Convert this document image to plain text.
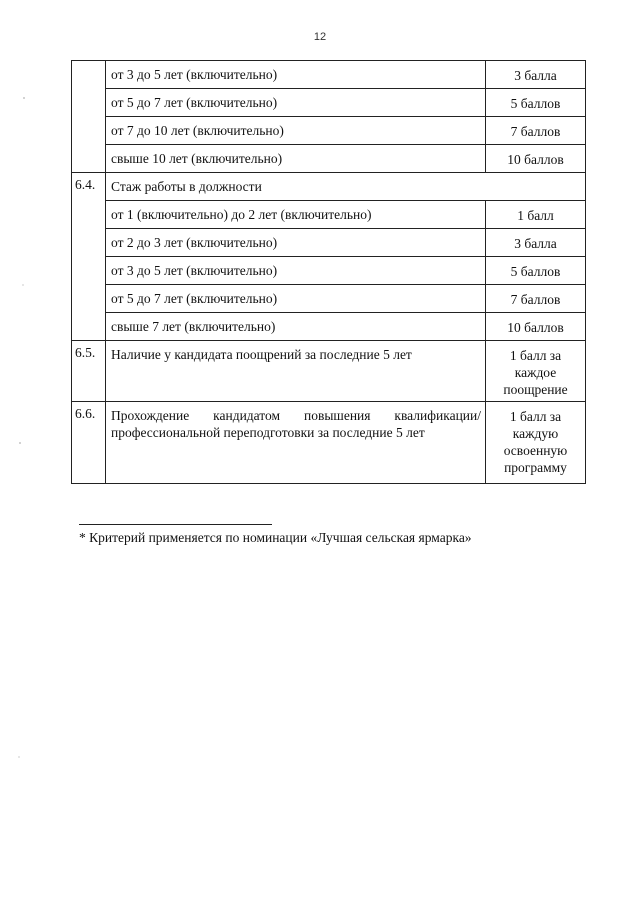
12
	от 3 до 5 лет (включительно)	3 балла
	от 5 до 7 лет (включительно)	5 баллов
	от 7 до 10 лет (включительно)	7 баллов
	свыше 10 лет (включительно)	10 баллов
6.4.	Стаж работы в должности	
	от 1 (включительно) до 2 лет (включительно)	1 балл
	от 2 до 3 лет (включительно)	3 балла
	от 3 до 5 лет (включительно)	5 баллов
	от 5 до 7 лет (включительно)	7 баллов
	свыше 7 лет (включительно)	10 баллов
6.5.	Наличие у кандидата поощрений за последние 5 лет	1 балл за каждое поощрение
6.6.	Прохождение кандидатом повышения квалификации/профессиональной переподготовки за последние 5 лет	1 балл за каждую освоенную программу
* Критерий применяется по номинации «Лучшая сельская ярмарка»
